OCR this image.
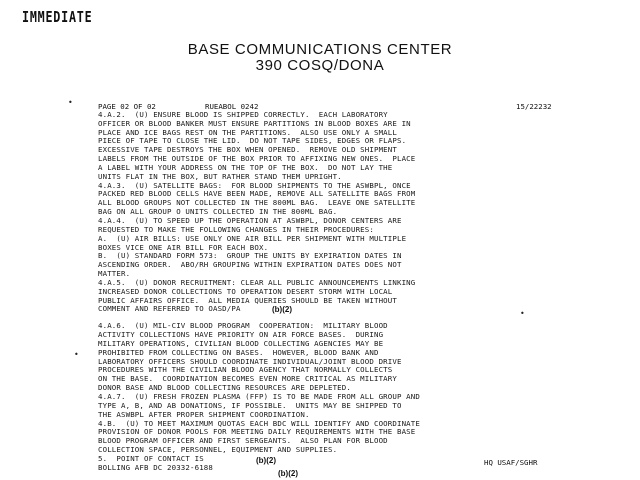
IMMEDIATE
BASE COMMUNICATIONS CENTER
390 COSQ/DONA
PAGE 02 OF 02	RUEABOL 0242	15/22232
•
•
•

4.A.2.  (U) ENSURE BLOOD IS SHIPPED CORRECTLY.  EACH LABORATORY
OFFICER OR BLOOD BANKER MUST ENSURE PARTITIONS IN BLOOD BOXES ARE IN
PLACE AND ICE BAGS REST ON THE PARTITIONS.  ALSO USE ONLY A SMALL
PIECE OF TAPE TO CLOSE THE LID.  DO NOT TAPE SIDES, EDGES OR FLAPS.
EXCESSIVE TAPE DESTROYS THE BOX WHEN OPENED.  REMOVE OLD SHIPMENT
LABELS FROM THE OUTSIDE OF THE BOX PRIOR TO AFFIXING NEW ONES.  PLACE
A LABEL WITH YOUR ADDRESS ON THE TOP OF THE BOX.  DO NOT LAY THE
UNITS FLAT IN THE BOX, BUT RATHER STAND THEM UPRIGHT.
4.A.3.  (U) SATELLITE BAGS:  FOR BLOOD SHIPMENTS TO THE ASWBPL, ONCE
PACKED RED BLOOD CELLS HAVE BEEN MADE, REMOVE ALL SATELLITE BAGS FROM
ALL BLOOD GROUPS NOT COLLECTED IN THE 800ML BAG.  LEAVE ONE SATELLITE
BAG ON ALL GROUP O UNITS COLLECTED IN THE 800ML BAG.
4.A.4.  (U) TO SPEED UP THE OPERATION AT ASWBPL, DONOR CENTERS ARE
REQUESTED TO MAKE THE FOLLOWING CHANGES IN THEIR PROCEDURES:
A.  (U) AIR BILLS: USE ONLY ONE AIR BILL PER SHIPMENT WITH MULTIPLE
BOXES VICE ONE AIR BILL FOR EACH BOX.
B.  (U) STANDARD FORM 573:  GROUP THE UNITS BY EXPIRATION DATES IN
ASCENDING ORDER.  ABO/RH GROUPING WITHIN EXPIRATION DATES DOES NOT
MATTER.
4.A.5.  (U) DONOR RECRUITMENT: CLEAR ALL PUBLIC ANNOUNCEMENTS LINKING
INCREASED DONOR COLLECTIONS TO OPERATION DESERT STORM WITH LOCAL
PUBLIC AFFAIRS OFFICE.  ALL MEDIA QUERIES SHOULD BE TAKEN WITHOUT
COMMENT AND REFERRED TO OASD/PA
4.A.6.  (U) MIL-CIV BLOOD PROGRAM  COOPERATION:  MILITARY BLOOD
ACTIVITY COLLECTIONS HAVE PRIORITY ON AIR FORCE BASES.  DURING
MILITARY OPERATIONS, CIVILIAN BLOOD COLLECTING AGENCIES MAY BE
PROHIBITED FROM COLLECTING ON BASES.  HOWEVER, BLOOD BANK AND
LABORATORY OFFICERS SHOULD COORDINATE INDIVIDUAL/JOINT BLOOD DRIVE
PROCEDURES WITH THE CIVILIAN BLOOD AGENCY THAT NORMALLY COLLECTS
ON THE BASE.  COORDINATION BECOMES EVEN MORE CRITICAL AS MILITARY
DONOR BASE AND BLOOD COLLECTING RESOURCES ARE DEPLETED.
4.A.7.  (U) FRESH FROZEN PLASMA (FFP) IS TO BE MADE FROM ALL GROUP AND
TYPE A, B, AND AB DONATIONS, IF POSSIBLE.  UNITS MAY BE SHIPPED TO
THE ASWBPL AFTER PROPER SHIPMENT COORDINATION.
4.B.  (U) TO MEET MAXIMUM QUOTAS EACH BDC WILL IDENTIFY AND COORDINATE
PROVISION OF DONOR POOLS FOR MEETING DAILY REQUIREMENTS WITH THE BASE
BLOOD PROGRAM OFFICER AND FIRST SERGEANTS.  ALSO PLAN FOR BLOOD
COLLECTION SPACE, PERSONNEL, EQUIPMENT AND SUPPLIES.
5.  POINT OF CONTACT IS
BOLLING AFB DC 20332-6188
(b)(2)
(b)(2)
(b)(2)
HQ USAF/SGHR
